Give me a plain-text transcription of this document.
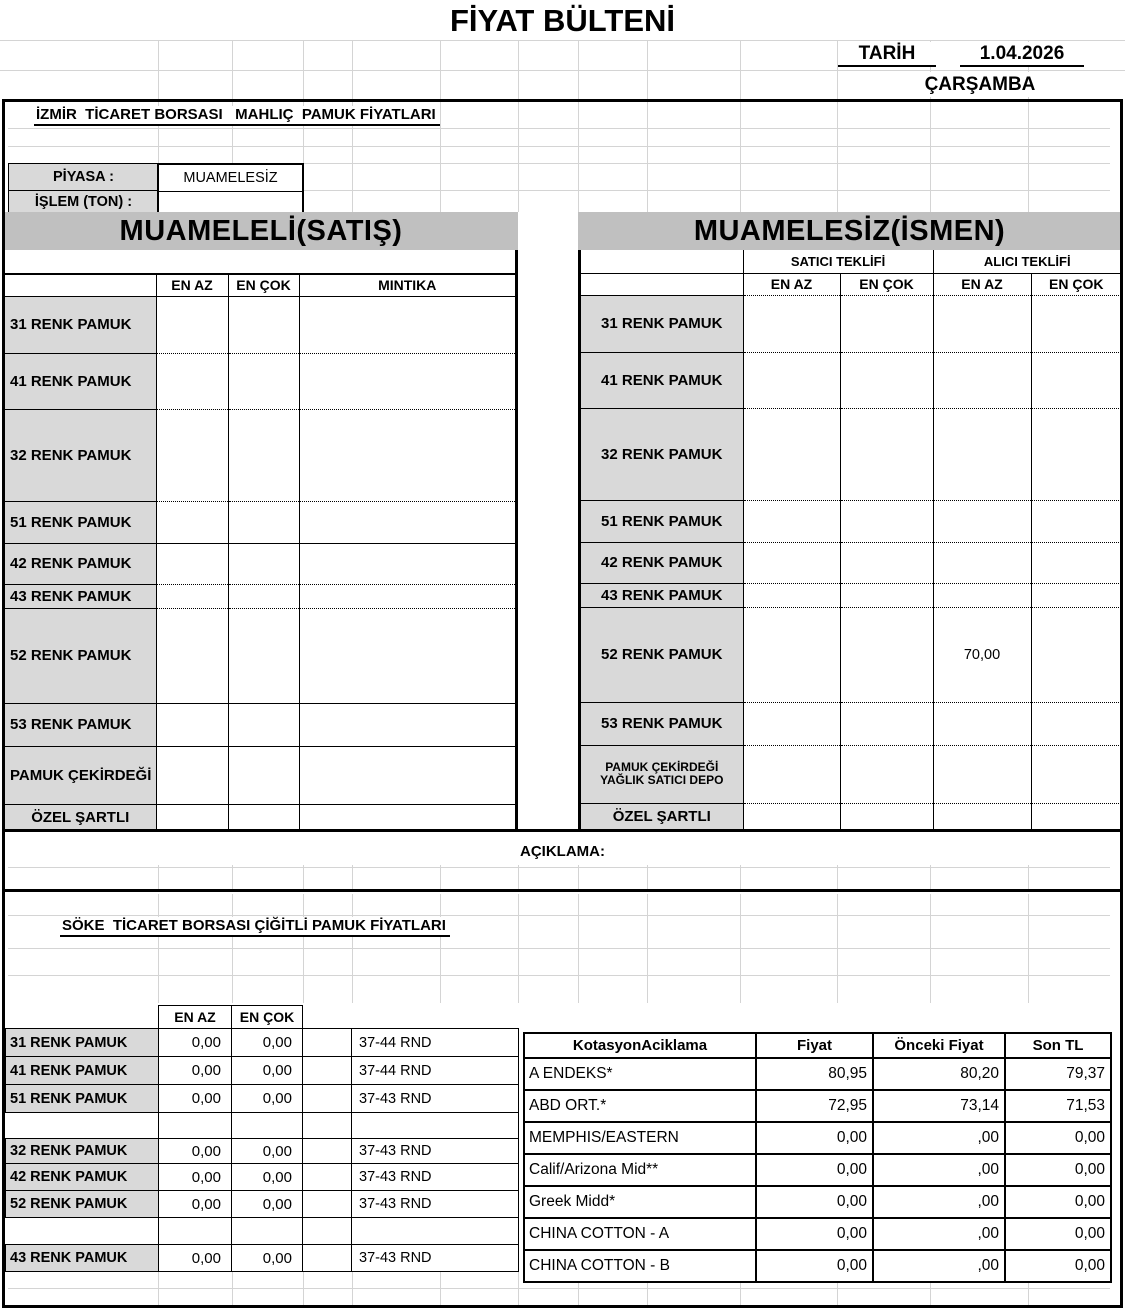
FİYAT BÜLTENİ
TARİH	1.04.2026
ÇARŞAMBA
İZMİR  TİCARET BORSASI   MAHLIÇ  PAMUK FİYATLARI
PİYASA :
İŞLEM (TON) :
MUAMELESİZ
MUAMELELİ(SATIŞ)	MUAMELESİZ(İSMEN)
	EN AZ	EN ÇOK	MINTIKA
31 RENK PAMUK			
41 RENK PAMUK			
32 RENK PAMUK			
51 RENK PAMUK			
42 RENK PAMUK			
43 RENK PAMUK			
52 RENK PAMUK			
53 RENK PAMUK			
PAMUK ÇEKİRDEĞİ			
ÖZEL ŞARTLI			
	SATICI TEKLİFİ		ALICI TEKLİFİ	
	EN AZ	EN ÇOK	EN AZ	EN ÇOK
31 RENK PAMUK				
41 RENK PAMUK				
32 RENK PAMUK				
51 RENK PAMUK				
42 RENK PAMUK				
43 RENK PAMUK				
52 RENK PAMUK			70,00	
53 RENK PAMUK				

PAMUK ÇEKİRDEĞİ
YAĞLIK SATICI DEPO				

ÖZEL ŞARTLI				
AÇIKLAMA:
SÖKE  TİCARET BORSASI ÇİĞİTLİ PAMUK FİYATLARI
	EN AZ	EN ÇOK		
31 RENK PAMUK	0,00	0,00		37-44 RND
41 RENK PAMUK	0,00	0,00		37-44 RND
51 RENK PAMUK	0,00	0,00		37-43 RND

32 RENK PAMUK	0,00	0,00		37-43 RND
42 RENK PAMUK	0,00	0,00		37-43 RND
52 RENK PAMUK	0,00	0,00		37-43 RND

43 RENK PAMUK	0,00	0,00		37-43 RND
KotasyonAciklama	Fiyat	Önceki Fiyat	Son TL
A ENDEKS*	80,95	80,20	79,37
ABD ORT.*	72,95	73,14	71,53
MEMPHIS/EASTERN	0,00	,00	0,00
Calif/Arizona Mid**	0,00	,00	0,00
Greek Midd*	0,00	,00	0,00
CHINA COTTON - A	0,00	,00	0,00
CHINA COTTON - B	0,00	,00	0,00
